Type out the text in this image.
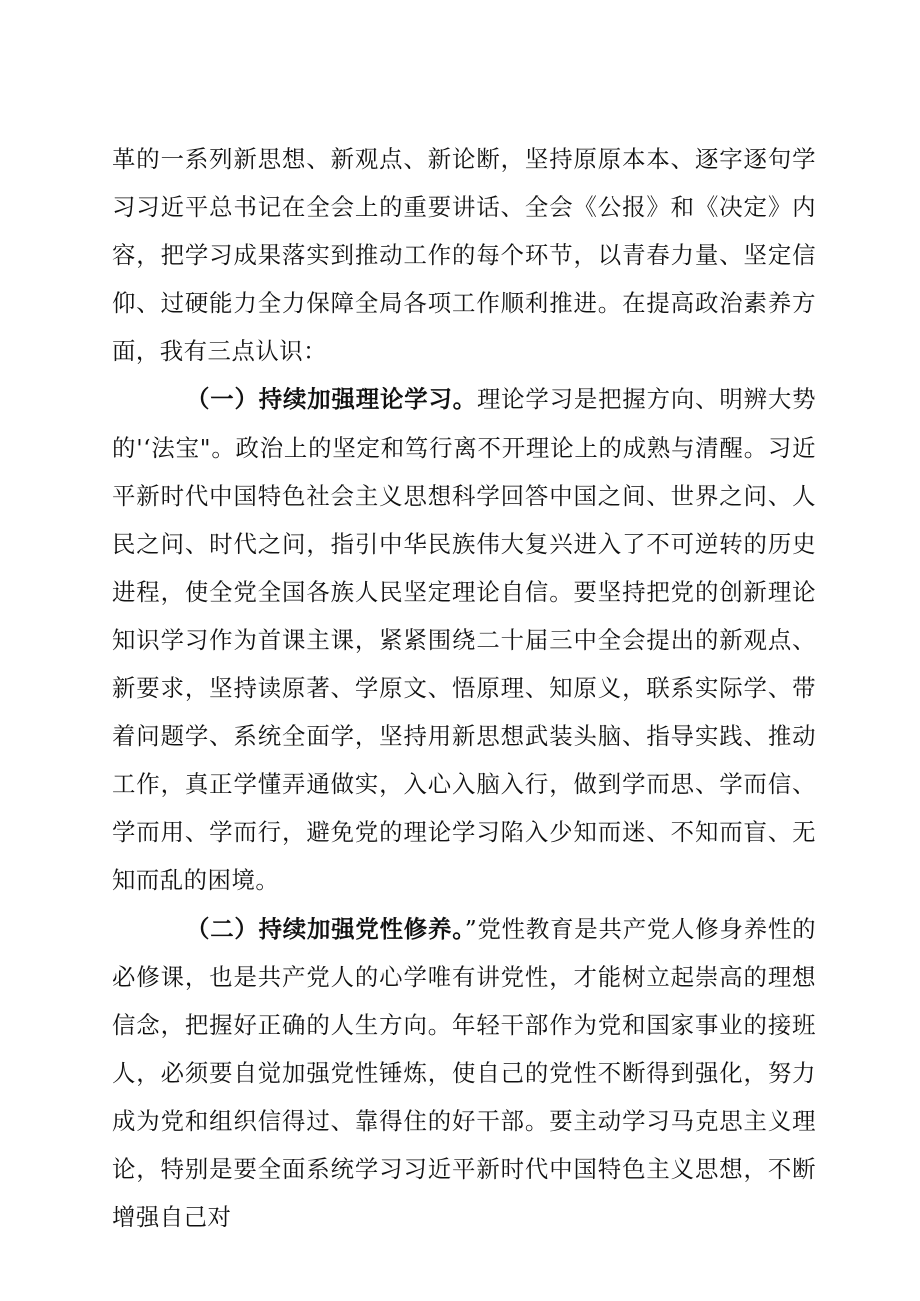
革的一系列新思想、新观点、新论断，坚持原原本本、逐字逐句学习习近平总书记在全会上的重要讲话、全会《公报》和《决定》内容，把学习成果落实到推动工作的每个环节，以青春力量、坚定信仰、过硬能力全力保障全局各项工作顺利推进。在提高政治素养方面，我有三点认识：

（一）持续加强理论学习。理论学习是把握方向、明辨大势的'‘法宝"。政治上的坚定和笃行离不开理论上的成熟与清醒。习近平新时代中国特色社会主义思想科学回答中国之间、世界之问、人民之问、时代之问，指引中华民族伟大复兴进入了不可逆转的历史进程，使全党全国各族人民坚定理论自信。要坚持把党的创新理论知识学习作为首课主课，紧紧围绕二十届三中全会提出的新观点、新要求，坚持读原著、学原文、悟原理、知原义，联系实际学、带着问题学、系统全面学，坚持用新思想武装头脑、指导实践、推动工作，真正学懂弄通做实，入心入脑入行，做到学而思、学而信、学而用、学而行，避免党的理论学习陷入少知而迷、不知而盲、无知而乱的困境。

（二）持续加强党性修养。”党性教育是共产党人修身养性的必修课，也是共产党人的心学唯有讲党性，才能树立起崇高的理想信念，把握好正确的人生方向。年轻干部作为党和国家事业的接班人，必须要自觉加强党性锤炼，使自己的党性不断得到强化，努力成为党和组织信得过、靠得住的好干部。要主动学习马克思主义理论，特别是要全面系统学习习近平新时代中国特色主义思想，不断增强自己对
